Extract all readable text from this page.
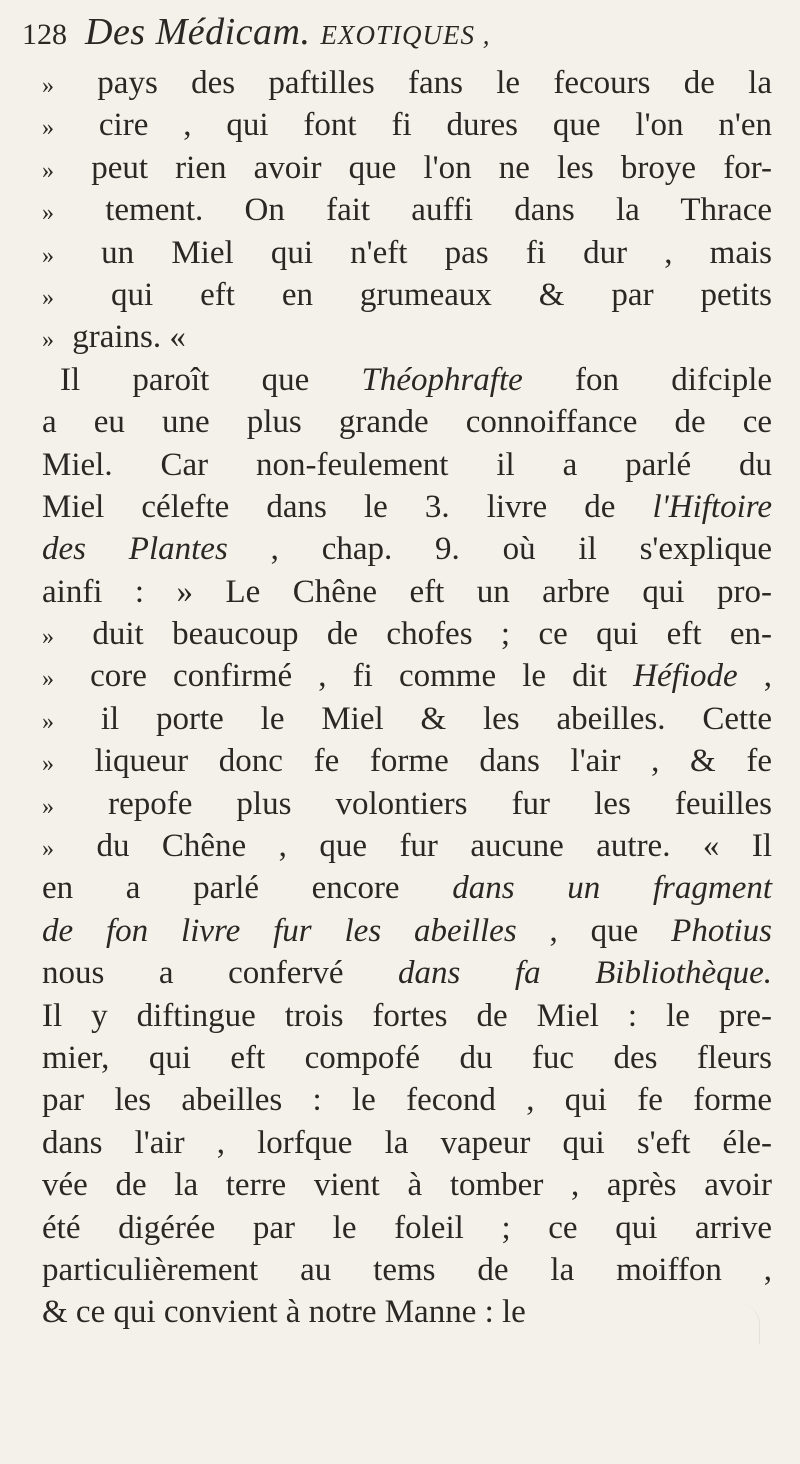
128 Des Médicam. EXOTIQUES ,
» pays des paftilles fans le fecours de la
» cire , qui font fi dures que l'on n'en
» peut rien avoir que l'on ne les broye for-
» tement. On fait auffi dans la Thrace
» un Miel qui n'eft pas fi dur , mais
» qui eft en grumeaux & par petits
» grains. «
Il paroît que Théophrafte fon difciple
a eu une plus grande connoiffance de ce
Miel. Car non-feulement il a parlé du
Miel célefte dans le 3. livre de l'Hiftoire
des Plantes , chap. 9. où il s'explique
ainfi : » Le Chêne eft un arbre qui pro-
» duit beaucoup de chofes ; ce qui eft en-
» core confirmé , fi comme le dit Héfiode ,
» il porte le Miel & les abeilles. Cette
» liqueur donc fe forme dans l'air , & fe
» repofe plus volontiers fur les feuilles
» du Chêne , que fur aucune autre. « Il
en a parlé encore dans un fragment
de fon livre fur les abeilles , que Photius
nous a confervé dans fa Bibliothèque.
Il y diftingue trois fortes de Miel : le pre-
mier, qui eft compofé du fuc des fleurs
par les abeilles : le fecond , qui fe forme
dans l'air , lorfque la vapeur qui s'eft éle-
vée de la terre vient à tomber , après avoir
été digérée par le foleil ; ce qui arrive
particulièrement au tems de la moiffon ,
& ce qui convient à notre Manne : le
